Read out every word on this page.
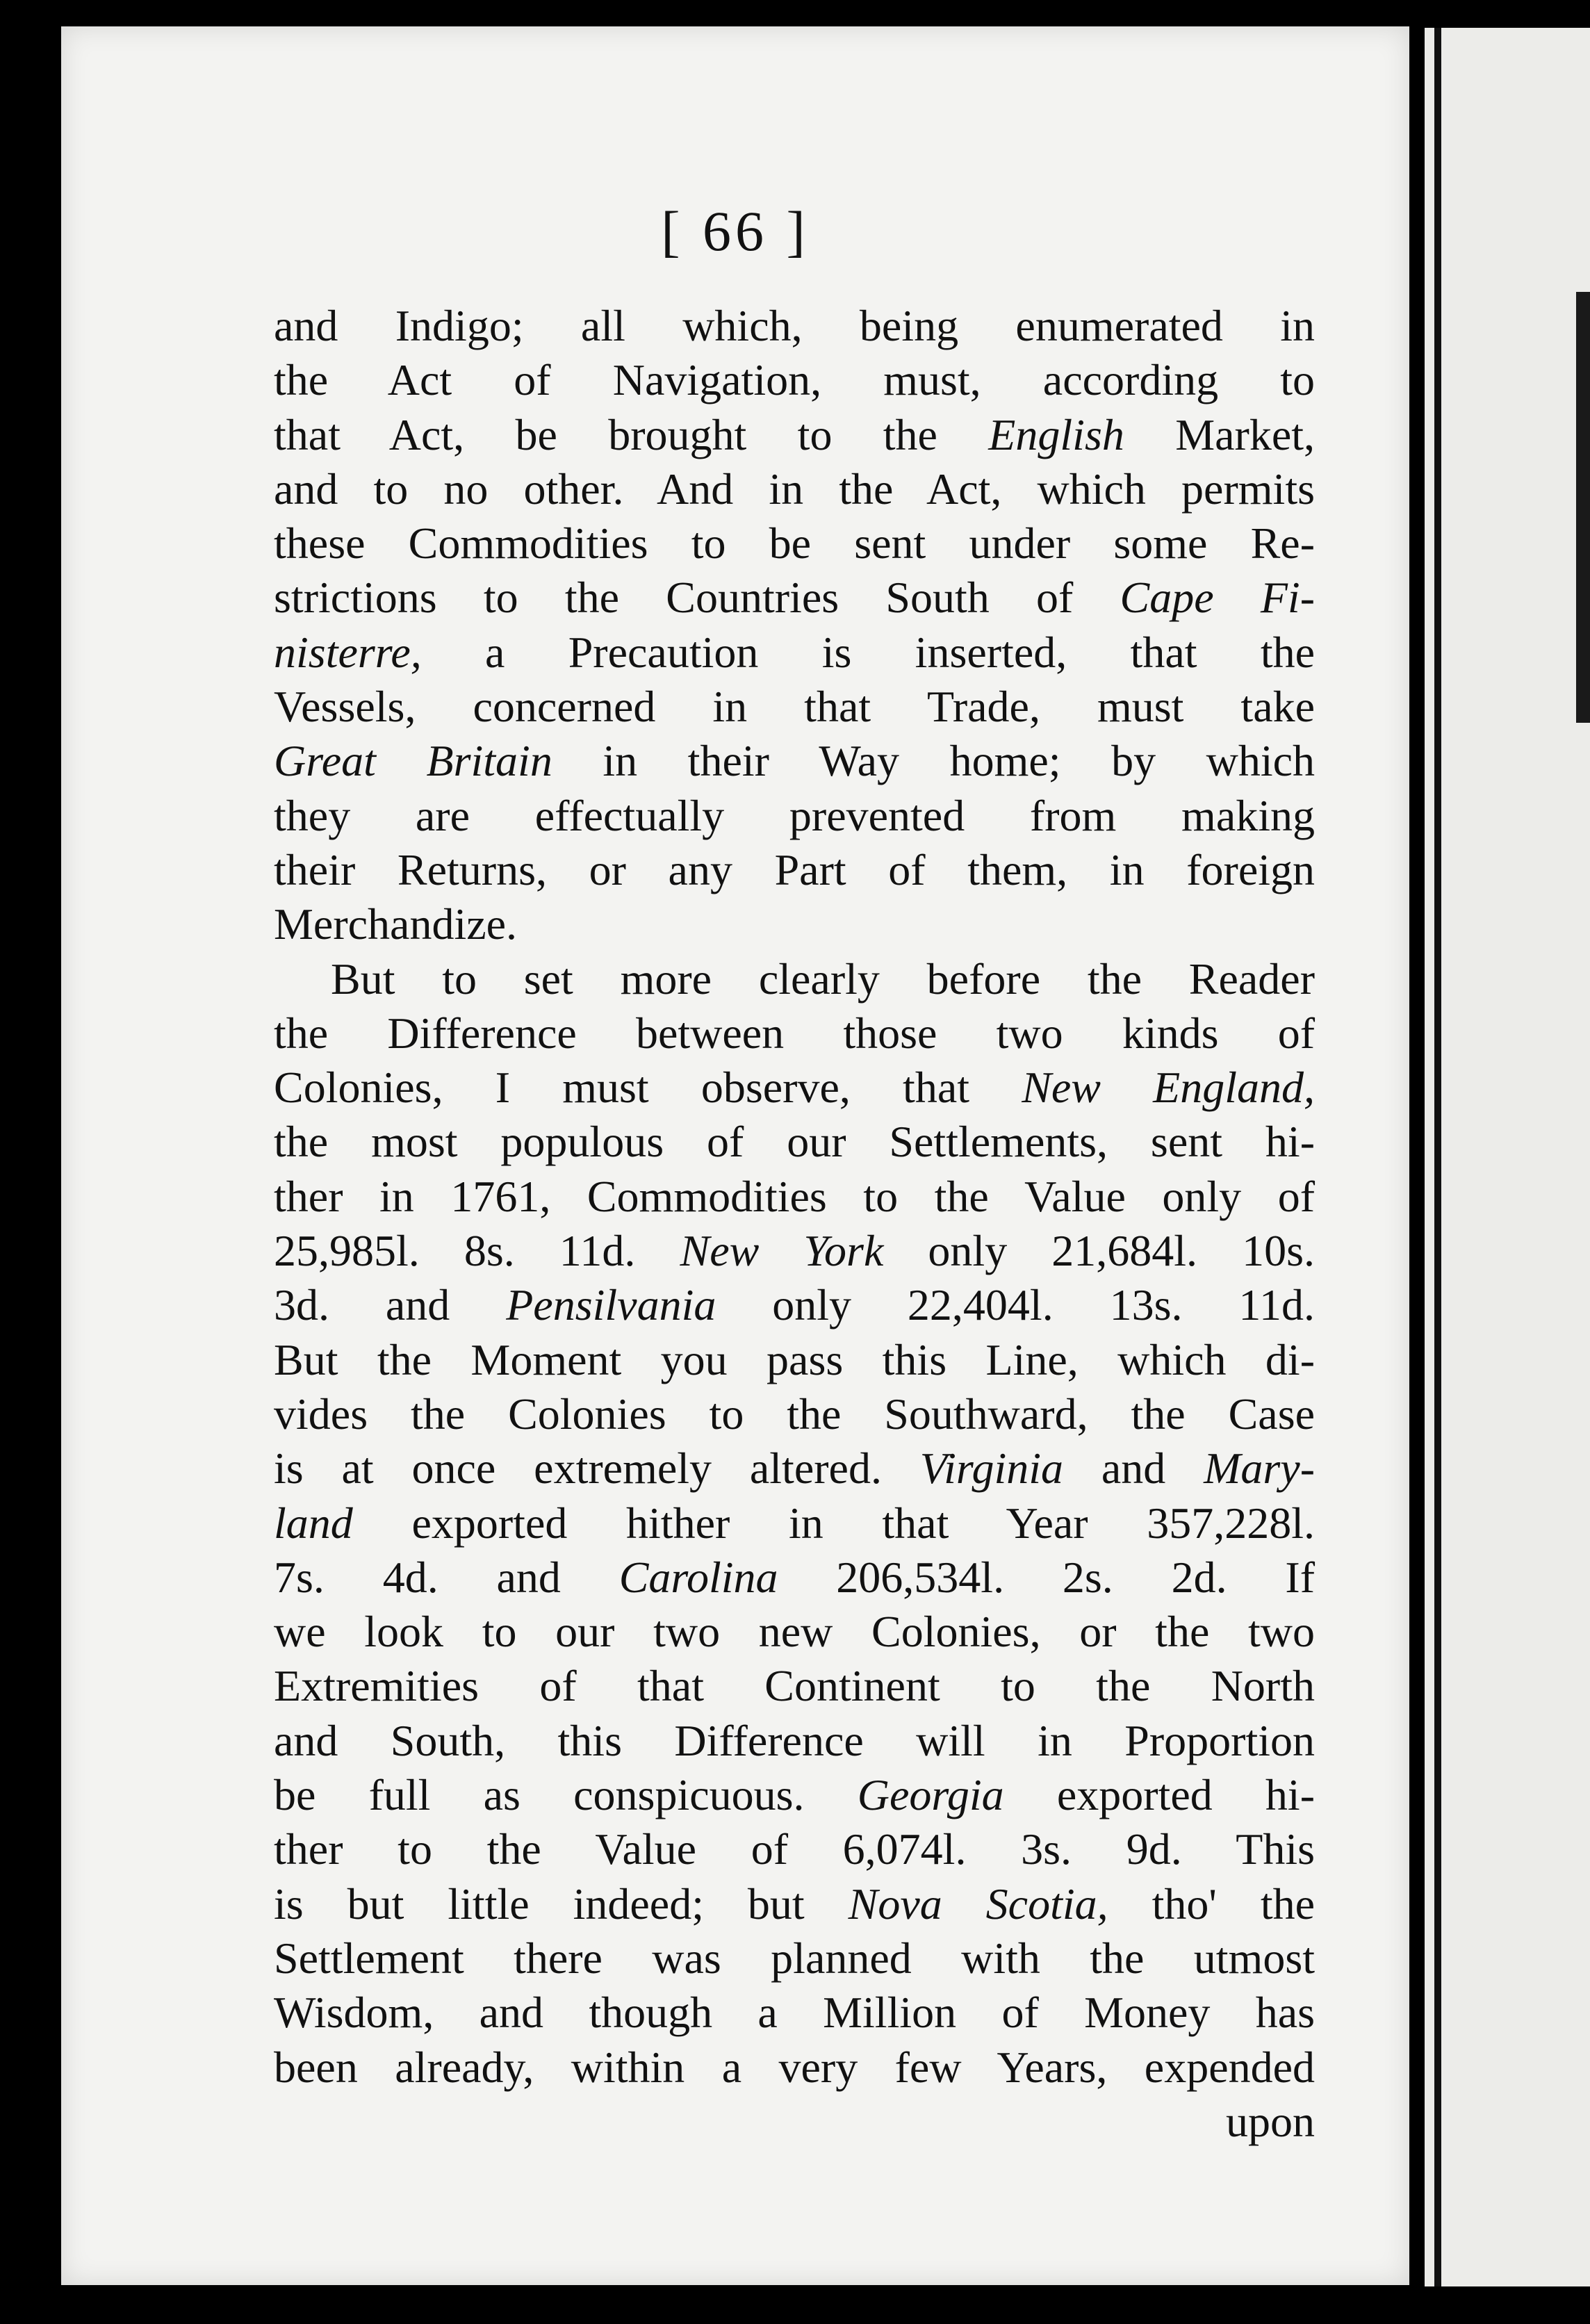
[ 66 ]
and Indigo; all which, being enumerated in
the Act of Navigation, must, according to
that Act, be brought to the English Market,
and to no other. And in the Act, which permits
these Commodities to be sent under some Re-
strictions to the Countries South of Cape Fi-
nisterre, a Precaution is inserted, that the
Vessels, concerned in that Trade, must take
Great Britain in their Way home; by which
they are effectually prevented from making
their Returns, or any Part of them, in foreign
Merchandize.
But to set more clearly before the Reader
the Difference between those two kinds of
Colonies, I must observe, that New England,
the most populous of our Settlements, sent hi-
ther in 1761, Commodities to the Value only of
25,985l. 8s. 11d. New York only 21,684l. 10s.
3d. and Pensilvania only 22,404l. 13s. 11d.
But the Moment you pass this Line, which di-
vides the Colonies to the Southward, the Case
is at once extremely altered. Virginia and Mary-
land exported hither in that Year 357,228l.
7s. 4d. and Carolina 206,534l. 2s. 2d. If
we look to our two new Colonies, or the two
Extremities of that Continent to the North
and South, this Difference will in Proportion
be full as conspicuous. Georgia exported hi-
ther to the Value of 6,074l. 3s. 9d. This
is but little indeed; but Nova Scotia, tho' the
Settlement there was planned with the utmost
Wisdom, and though a Million of Money has
been already, within a very few Years, expended
upon
